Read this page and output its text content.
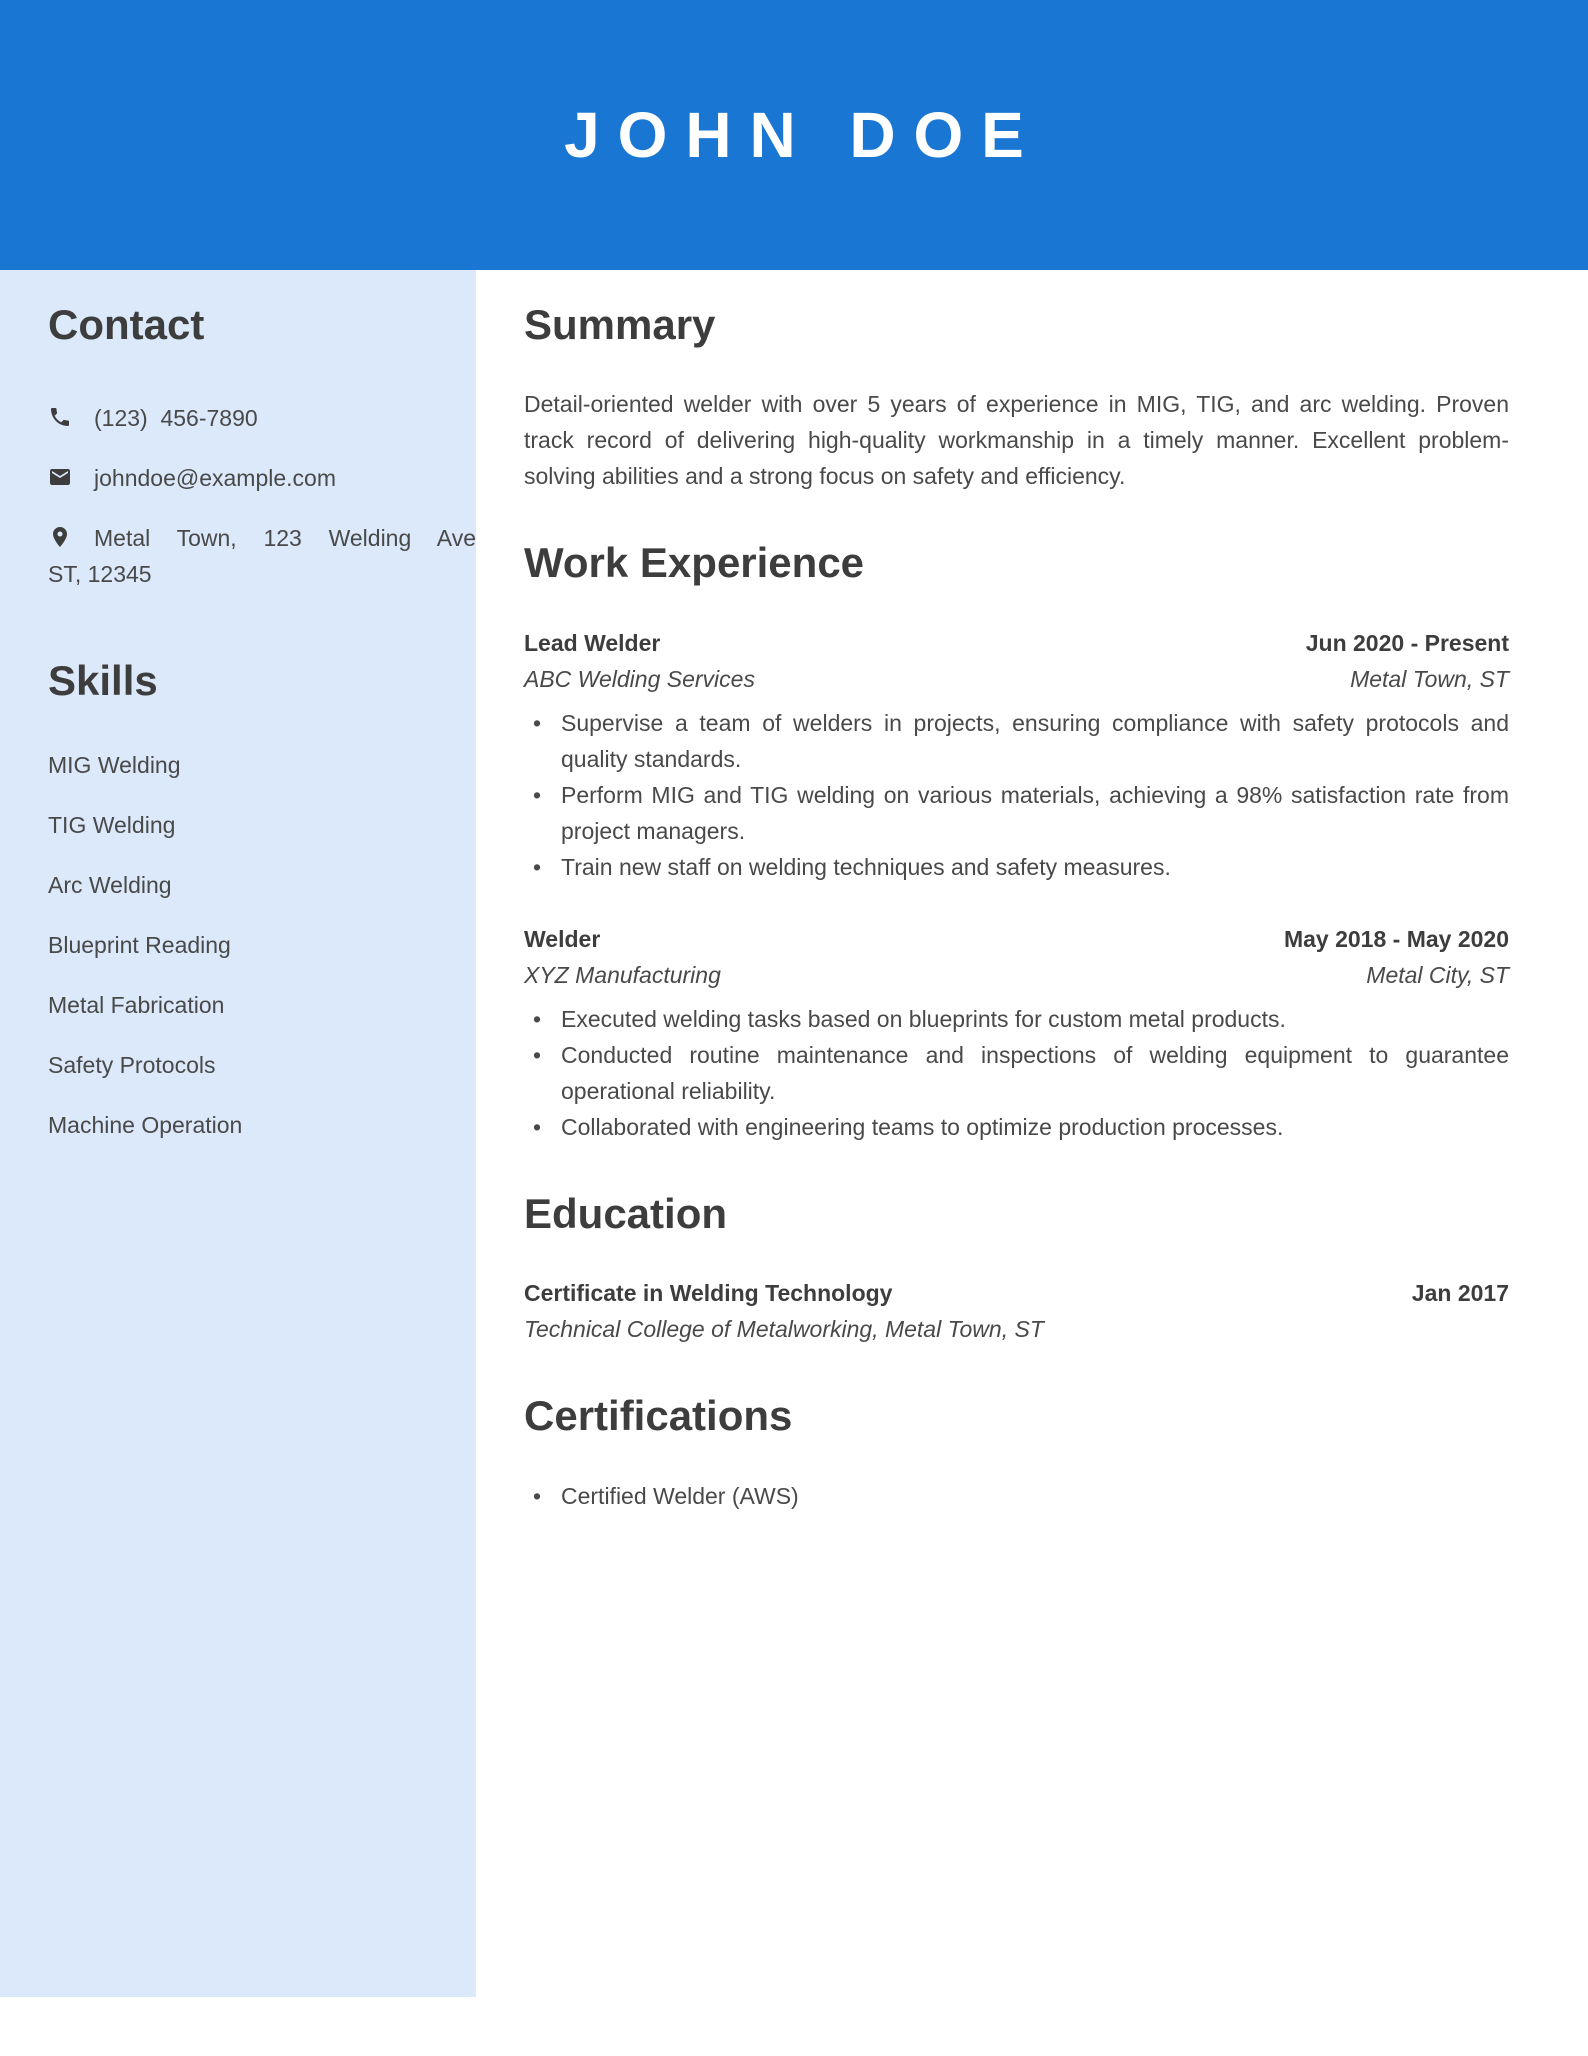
JOHN DOE
Contact

(123)  456-7890

johndoe@example.com

Metal Town, 123 Welding Ave

ST, 12345

Skills
MIG Welding
TIG Welding
Arc Welding
Blueprint Reading
Metal Fabrication
Safety Protocols
Machine Operation
Summary

Detail-oriented welder with over 5 years of experience in MIG, TIG, and arc welding. Proven track record of delivering high-quality workmanship in a timely manner. Excellent problem-solving abilities and a strong focus on safety and efficiency.

Work Experience
Lead Welder	Jun 2020 - Present
ABC Welding Services	Metal Town, ST
• Supervise a team of welders in projects, ensuring compliance with safety protocols and quality standards.
• Perform MIG and TIG welding on various materials, achieving a 98% satisfaction rate from project managers.
• Train new staff on welding techniques and safety measures.
Welder	May 2018 - May 2020
XYZ Manufacturing	Metal City, ST
• Executed welding tasks based on blueprints for custom metal products.
• Conducted routine maintenance and inspections of welding equipment to guarantee operational reliability.
• Collaborated with engineering teams to optimize production processes.
Education
Certificate in Welding Technology	Jan 2017
Technical College of Metalworking, Metal Town, ST
Certifications
• Certified Welder (AWS)
